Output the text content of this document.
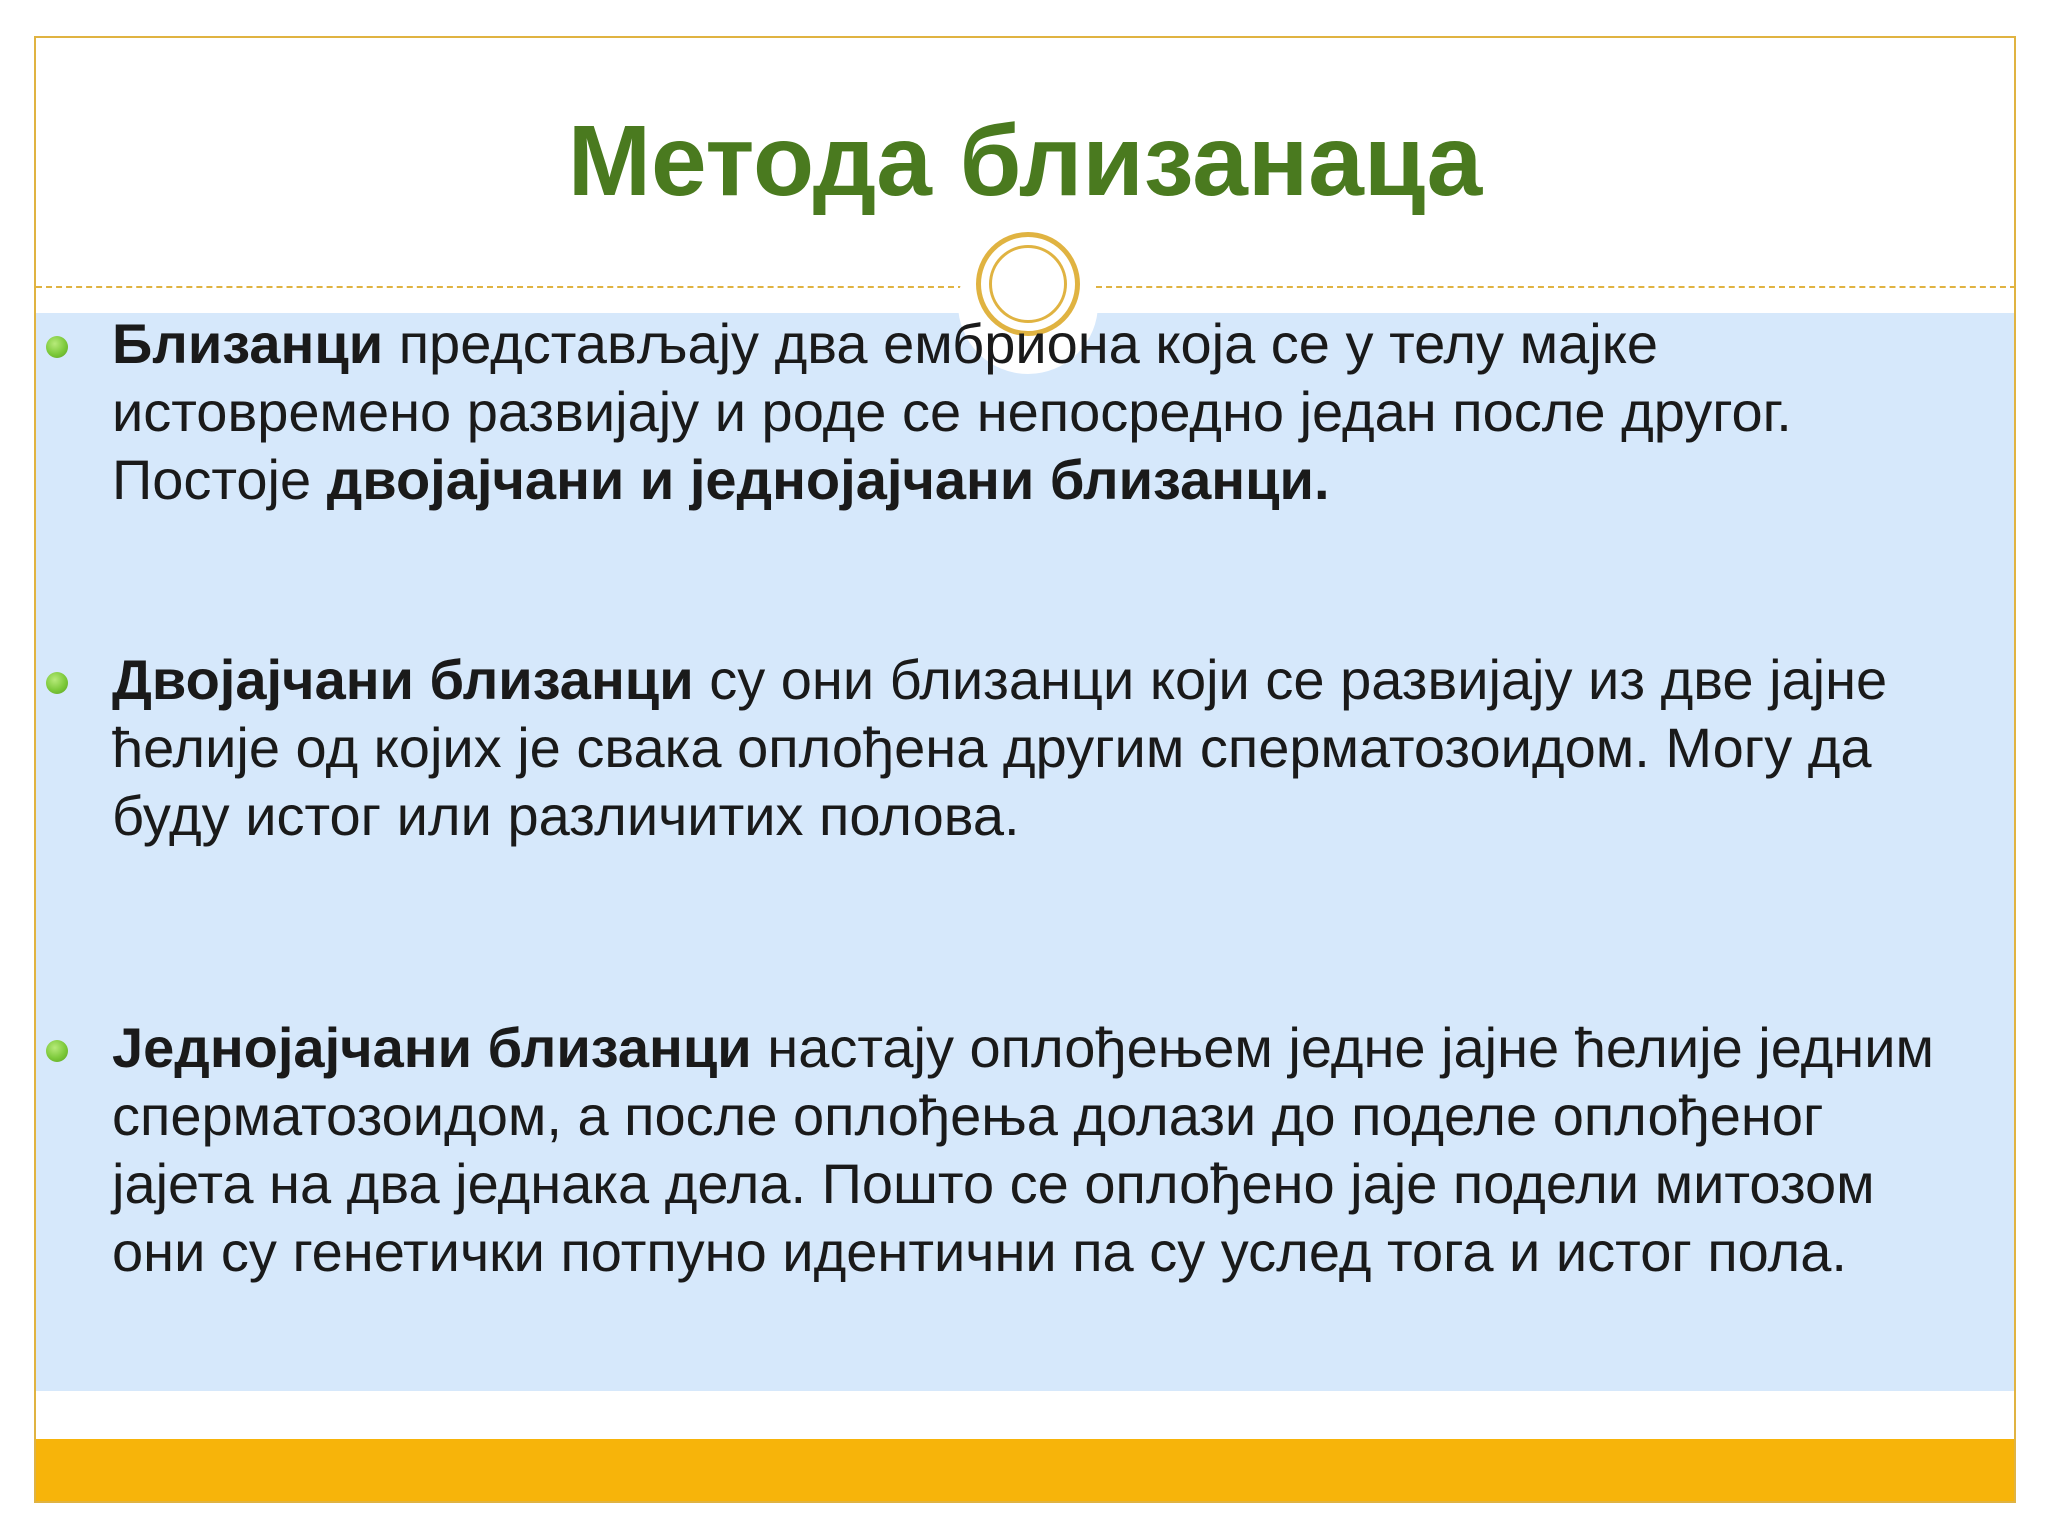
Метода близанаца
Близанци представљају два ембриона која се у телу мајке истовремено развијају и роде се непосредно један после другог. Постоје двојајчани и једнојајчани близанци.
Двојајчани близанци су они близанци који се развијају из две јајне ћелије од којих је свака оплођена другим сперматозоидом. Могу да буду истог или различитих полова.
Једнојајчани близанци настају оплођењем једне јајне ћелије једним сперматозоидом, а после оплођења долази до поделе оплођеног јајета на два једнака дела. Пошто се оплођено јаје подели митозом они су генетички потпуно идентични па су услед тога и истог пола.
